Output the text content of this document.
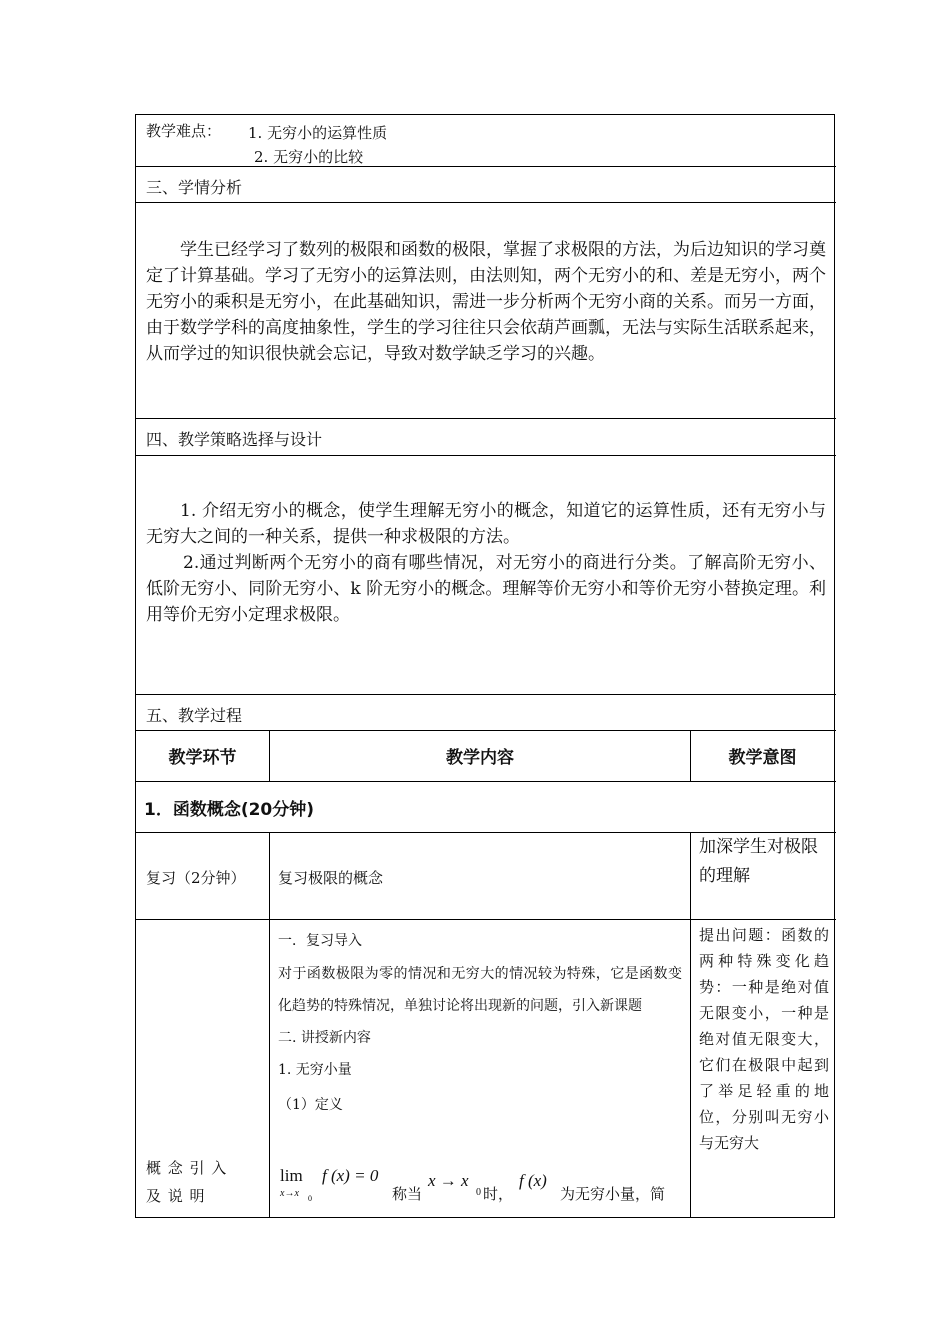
教学难点： 1. 无穷小的运算性质
2. 无穷小的比较
三、学情分析

学生已经学习了数列的极限和函数的极限，掌握了求极限的方法，为后边知识的学习奠定了计算基础。学习了无穷小的运算法则，由法则知，两个无穷小的和、差是无穷小，两个无穷小的乘积是无穷小，在此基础知识，需进一步分析两个无穷小商的关系。而另一方面，由于数学学科的高度抽象性，学生的学习往往只会依葫芦画瓢，无法与实际生活联系起来，从而学过的知识很快就会忘记，导致对数学缺乏学习的兴趣。

四、教学策略选择与设计

1. 介绍无穷小的概念，使学生理解无穷小的概念，知道它的运算性质，还有无穷小与无穷大之间的一种关系，提供一种求极限的方法。

2.通过判断两个无穷小的商有哪些情况，对无穷小的商进行分类。了解高阶无穷小、低阶无穷小、同阶无穷小、k 阶无穷小的概念。理解等价无穷小和等价无穷小替换定理。利用等价无穷小定理求极限。

五、教学过程
教学环节	教学内容	教学意图
1．函数概念(20分钟)
复习（2分钟） 复习极限的概念
加深学生对极限的理解
概 念 引 入 及 说 明
一．复习导入
对于函数极限为零的情况和无穷大的情况较为特殊，它是函数变化趋势的特殊情况，单独讨论将出现新的问题，引入新课题
二. 讲授新内容
1. 无穷小量
（1）定义
lim
x→x 0
f (x) = 0
称当
x → x
0 时，
f (x)
为无穷小量，简
提出问题：函数的两种特殊变化趋势：一种是绝对值无限变小，一种是绝对值无限变大，它们在极限中起到了举足轻重的地位，分别叫无穷小与无穷大
